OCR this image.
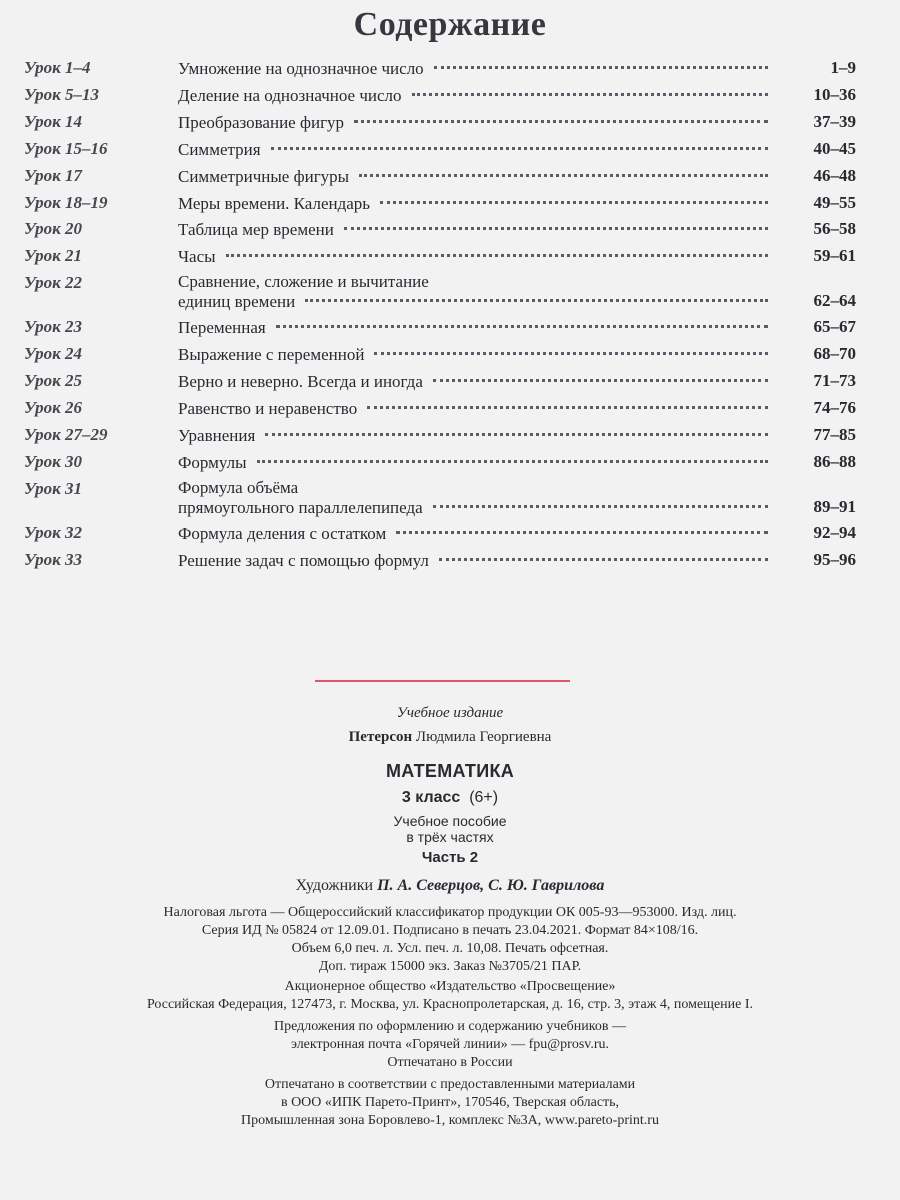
Содержание
Урок 1–4	Умножение на однозначное число	1–9
Урок 5–13	Деление на однозначное число	10–36
Урок 14	Преобразование фигур	37–39
Урок 15–16	Симметрия	40–45
Урок 17	Симметричные фигуры	46–48
Урок 18–19	Меры времени. Календарь	49–55
Урок 20	Таблица мер времени	56–58
Урок 21	Часы	59–61
Урок 22	Сравнение, сложение и вычитание
единиц времени	62–64
Урок 23	Переменная	65–67
Урок 24	Выражение с переменной	68–70
Урок 25	Верно и неверно. Всегда и иногда	71–73
Урок 26	Равенство и неравенство	74–76
Урок 27–29	Уравнения	77–85
Урок 30	Формулы	86–88
Урок 31	Формула объёма
прямоугольного параллелепипеда	89–91
Урок 32	Формула деления с остатком	92–94
Урок 33	Решение задач с помощью формул	95–96
Учебное издание
Петерсон Людмила Георгиевна
МАТЕМАТИКА
3 класс (6+)
Учебное пособие
в трёх частях
Часть 2
Художники П. А. Северцов, С. Ю. Гаврилова
Налоговая льгота — Общероссийский классификатор продукции ОК 005-93—953000. Изд. лиц.
Серия ИД № 05824 от 12.09.01. Подписано в печать 23.04.2021. Формат 84×108/16.
Объем 6,0 печ. л. Усл. печ. л. 10,08. Печать офсетная.
Доп. тираж 15000 экз. Заказ №3705/21 ПАР.
Акционерное общество «Издательство «Просвещение»
Российская Федерация, 127473, г. Москва, ул. Краснопролетарская, д. 16, стр. 3, этаж 4, помещение I.
Предложения по оформлению и содержанию учебников —
электронная почта «Горячей линии» — fpu@prosv.ru.
Отпечатано в России
Отпечатано в соответствии с предоставленными материалами
в ООО «ИПК Парето-Принт», 170546, Тверская область,
Промышленная зона Боровлево-1, комплекс №3А, www.pareto-print.ru
